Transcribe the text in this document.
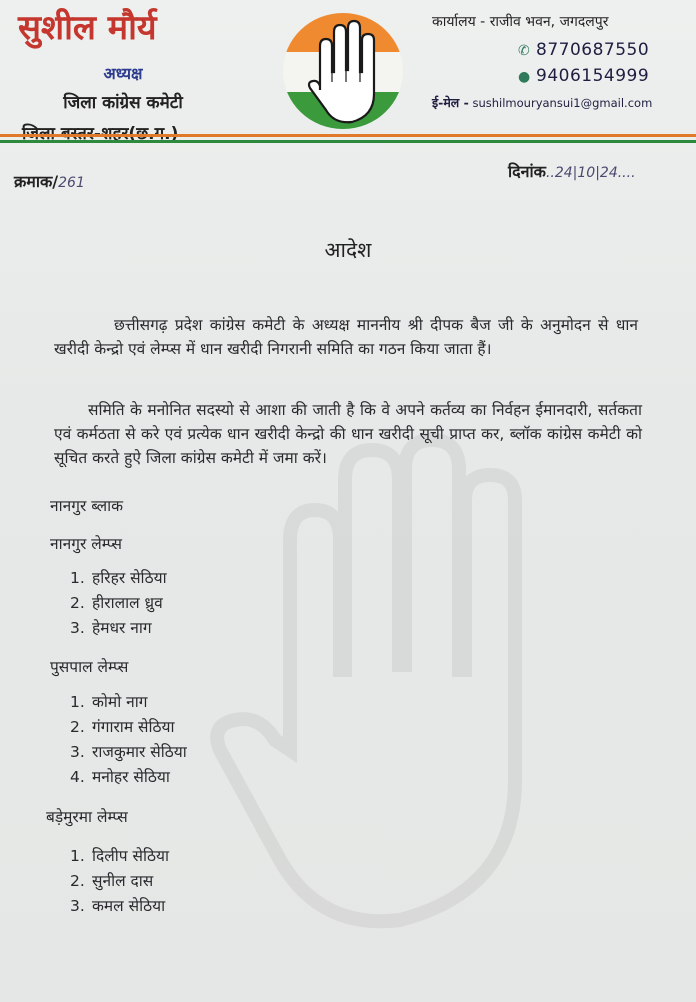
सुशील मौर्य
अध्यक्ष
जिला कांग्रेस कमेटी
कार्यालय - राजीव भवन, जगदलपुर
✆ 8770687550
● 9406154999
ई-मेल - sushilmouryansui1@gmail.com
क्रमाक/261
दिनांक..24|10|24....
आदेश
छत्तीसगढ़ प्रदेश कांग्रेस कमेटी के अध्यक्ष माननीय श्री दीपक बैज जी के अनुमोदन से धान खरीदी केन्द्रो एवं लेम्प्स में धान खरीदी निगरानी समिति का गठन किया जाता हैं।
समिति के मनोनित सदस्यो से आशा की जाती है कि वे अपने कर्तव्य का निर्वहन ईमानदारी, सर्तकता एवं कर्मठता से करे एवं प्रत्येक धान खरीदी केन्द्रो की धान खरीदी सूची प्राप्त कर, ब्लॉक कांग्रेस कमेटी को सूचित करते हुऐ जिला कांग्रेस कमेटी में जमा करें।
नानगुर ब्लाक
नानगुर लेम्प्स
1. हरिहर सेठिया
2. हीरालाल ध्रुव
3. हेमधर नाग
पुसपाल लेम्प्स
1. कोमो नाग
2. गंगाराम सेठिया
3. राजकुमार सेठिया
4. मनोहर सेठिया
बड़ेमुरमा लेम्प्स
1. दिलीप सेठिया
2. सुनील दास
3. कमल सेठिया
